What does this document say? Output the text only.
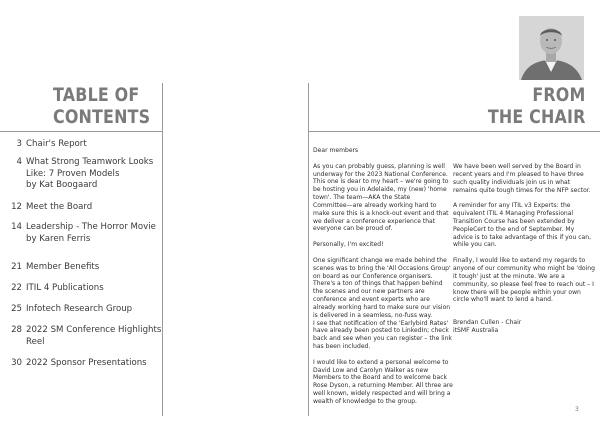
TABLE OF
CONTENTS
FROM
THE CHAIR
3 Chair's Report
4 What Strong Teamwork Looks
Like: 7 Proven Models
by Kat Boogaard
12 Meet the Board
14 Leadership - The Horror Movie
by Karen Ferris
21 Member Benefits
22 ITIL 4 Publications
25 Infotech Research Group
28 2022 SM Conference Highlights
Reel
30 2022 Sponsor Presentations

Dear members

As you can probably guess, planning is well
underway for the 2023 National Conference.
This one is dear to my heart – we're going to
be hosting you in Adelaide, my (new) 'home
town'. The team—AKA the State
Committee—are already working hard to
make sure this is a knock-out event and that
we deliver a conference experience that
everyone can be proud of.

Personally, I'm excited!

One significant change we made behind the
scenes was to bring the 'All Occasions Group'
on board as our Conference organisers.
There's a ton of things that happen behind
the scenes and our new partners are
conference and event experts who are
already working hard to make sure our vision
is delivered in a seamless, no-fuss way.
I see that notification of the 'Earlybird Rates'
have already been posted to LinkedIn; check
back and see when you can register – the link
has been included.

I would like to extend a personal welcome to
David Low and Carolyn Walker as new
Members to the Board and to welcome back
Rose Dyson, a returning Member. All three are
well known, widely respected and will bring a
wealth of knowledge to the group.

We have been well served by the Board in
recent years and I'm pleased to have three
such quality individuals join us in what
remains quite tough times for the NFP sector.

A reminder for any ITIL v3 Experts: the
equivalent ITIL 4 Managing Professional
Transition Course has been extended by
PeopleCert to the end of September. My
advice is to take advantage of this if you can,
while you can.

Finally, I would like to extend my regards to
anyone of our community who might be 'doing
it tough' just at the minute. We are a
community, so please feel free to reach out – I
know there will be people within your own
circle who'll want to lend a hand.

Brendan Cullen - Chair
itSMF Australia

3
